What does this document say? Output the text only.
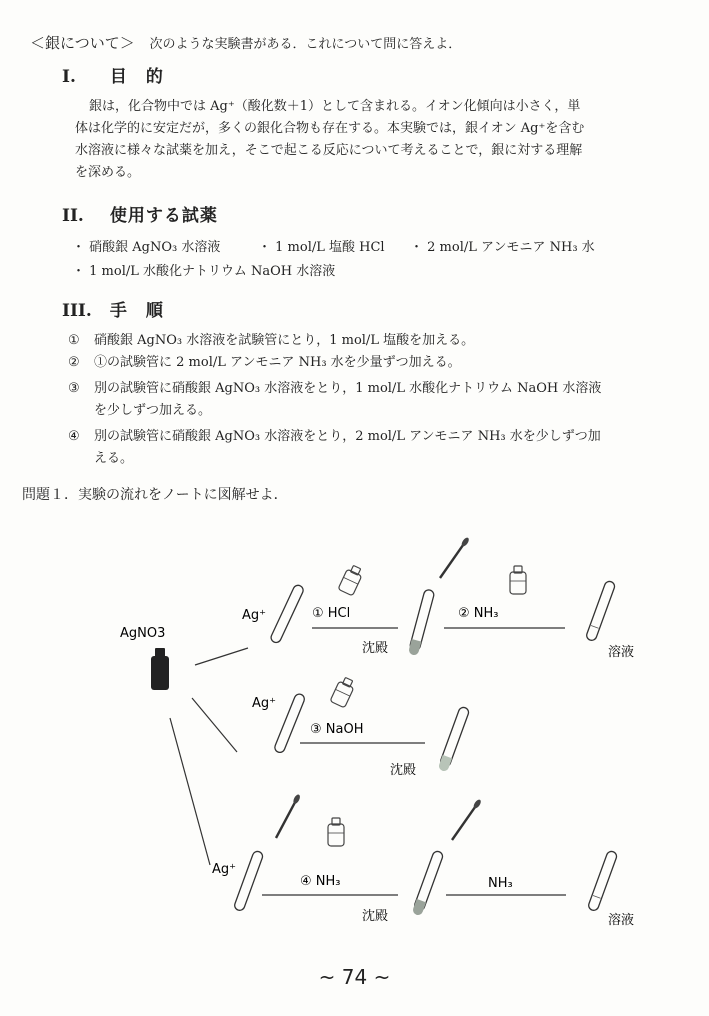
＜銀について＞ 次のような実験書がある．これについて問に答えよ．
I. 目　的

銀は，化合物中では Ag⁺（酸化数＋1）として含まれる。イオン化傾向は小さく，単

体は化学的に安定だが，多くの銀化合物も存在する。本実験では，銀イオン Ag⁺を含む

水溶液に様々な試薬を加え，そこで起こる反応について考えることで，銀に対する理解

を深める。

II. 使用する試薬
・ 硝酸銀 AgNO₃ 水溶液	・ 1 mol/L 塩酸 HCl ・ 2 mol/L アンモニア NH₃ 水
・ 1 mol/L 水酸化ナトリウム NaOH 水溶液
III. 手　順
① 硝酸銀 AgNO₃ 水溶液を試験管にとり，1 mol/L 塩酸を加える。
② ①の試験管に 2 mol/L アンモニア NH₃ 水を少量ずつ加える。
③ 別の試験管に硝酸銀 AgNO₃ 水溶液をとり，1 mol/L 水酸化ナトリウム NaOH 水溶液
を少しずつ加える。
④ 別の試験管に硝酸銀 AgNO₃ 水溶液をとり，2 mol/L アンモニア NH₃ 水を少しずつ加
える。
問題１．実験の流れをノートに図解せよ．
AgNO3
Ag⁺	① HCl
沈殿
② NH₃
溶液
Ag⁺
③ NaOH
沈殿
Ag⁺
④ NH₃
沈殿
NH₃
溶液
~ 74 ~
